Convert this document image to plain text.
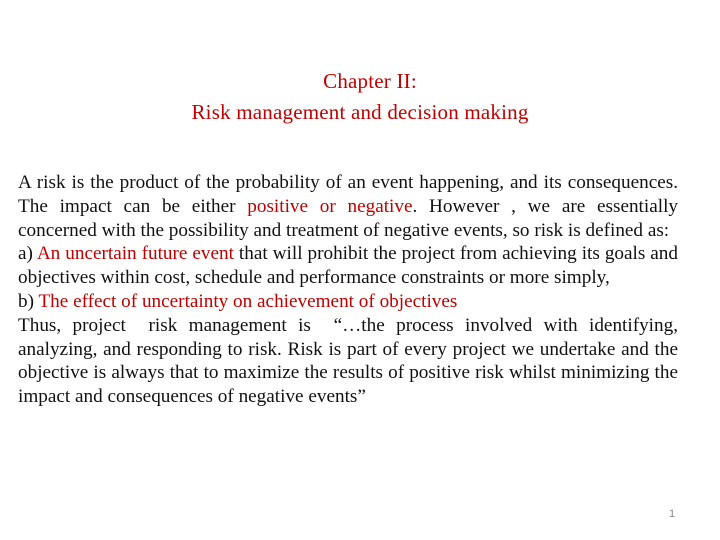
Chapter II:
Risk management and decision making

A risk is the product of the probability of an event happening, and its consequences. The impact can be either positive or negative. However , we are essentially concerned with the possibility and treatment of negative events, so risk is defined as:

a) An uncertain future event that will prohibit the project from achieving its goals and objectives within cost, schedule and performance constraints or more simply,

b) The effect of uncertainty on achievement of objectives

Thus, project  risk management is  “…the process involved with identifying, analyzing, and responding to risk. Risk is part of every project we undertake and the objective is always that to maximize the results of positive risk whilst minimizing the impact and consequences of negative events”

1
